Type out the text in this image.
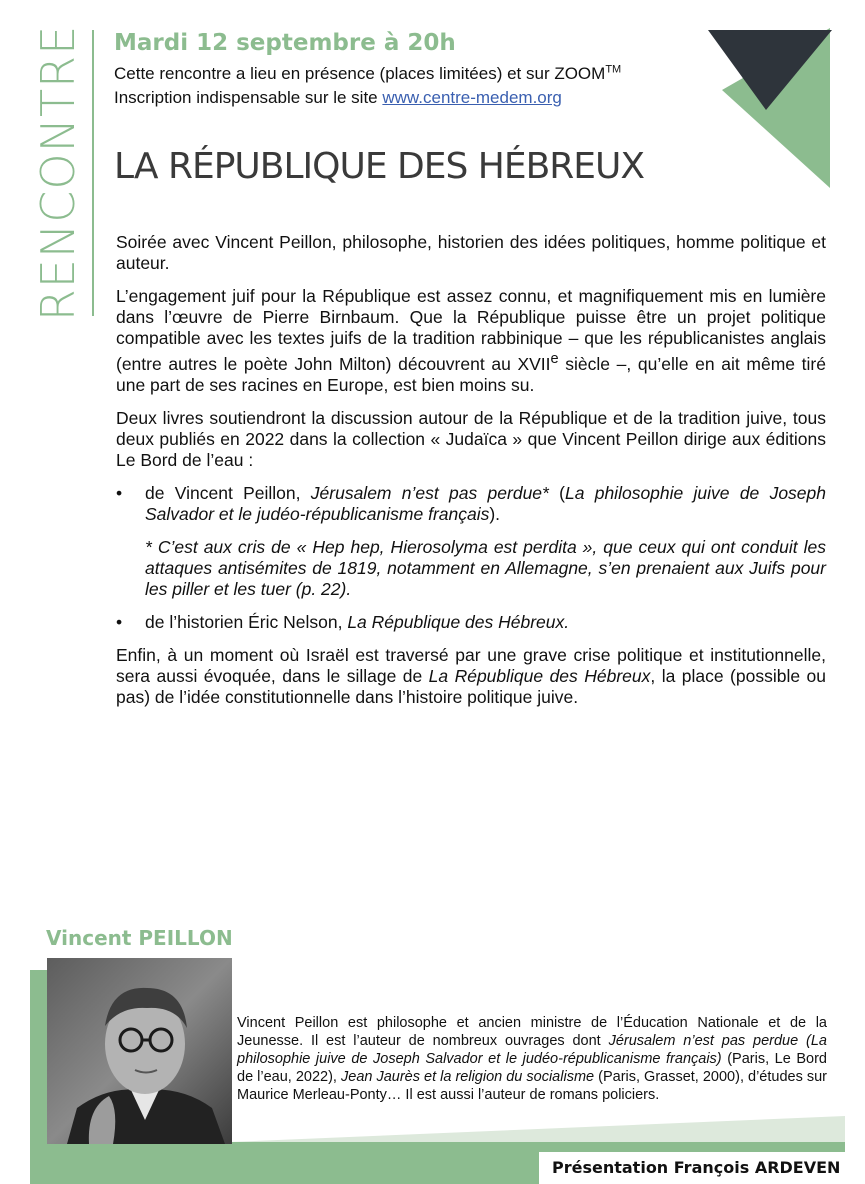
RENCONTRE Mardi 12 septembre à 20h
Cette rencontre a lieu en présence (places limitées) et sur ZOOM™
Inscription indispensable sur le site www.centre-medem.org
LA RÉPUBLIQUE DES HÉBREUX

Soirée avec Vincent Peillon, philosophe, historien des idées politiques, homme politique et auteur.

L’engagement juif pour la République est assez connu, et magnifiquement mis en lumière dans l’œuvre de Pierre Birnbaum. Que la République puisse être un projet politique compatible avec les textes juifs de la tradition rabbinique – que les républicanistes anglais (entre autres le poète John Milton) découvrent au XVIIe siècle –, qu’elle en ait même tiré une part de ses racines en Europe, est bien moins su.

Deux livres soutiendront la discussion autour de la République et de la tradition juive, tous deux publiés en 2022 dans la collection « Judaïca » que Vincent Peillon dirige aux éditions Le Bord de l’eau :

• de Vincent Peillon, Jérusalem n’est pas perdue* (La philosophie juive de Joseph Salvador et le judéo-républicanisme français).
* C’est aux cris de « Hep hep, Hierosolyma est perdita », que ceux qui ont conduit les attaques antisémites de 1819, notamment en Allemagne, s’en prenaient aux Juifs pour les piller et les tuer (p. 22).
• de l’historien Éric Nelson, La République des Hébreux.

Enfin, à un moment où Israël est traversé par une grave crise politique et institutionnelle, sera aussi évoquée, dans le sillage de La République des Hébreux, la place (possible ou pas) de l’idée constitutionnelle dans l’histoire politique juive.

Vincent PEILLON
Vincent Peillon est philosophe et ancien ministre de l’Éducation Nationale et de la Jeunesse. Il est l’auteur de nombreux ouvrages dont Jérusalem n’est pas perdue (La philosophie juive de Joseph Salvador et le judéo-républicanisme français) (Paris, Le Bord de l’eau, 2022), Jean Jaurès et la religion du socialisme (Paris, Grasset, 2000), d’études sur Maurice Merleau-Ponty… Il est aussi l’auteur de romans policiers.
Présentation François ARDEVEN
